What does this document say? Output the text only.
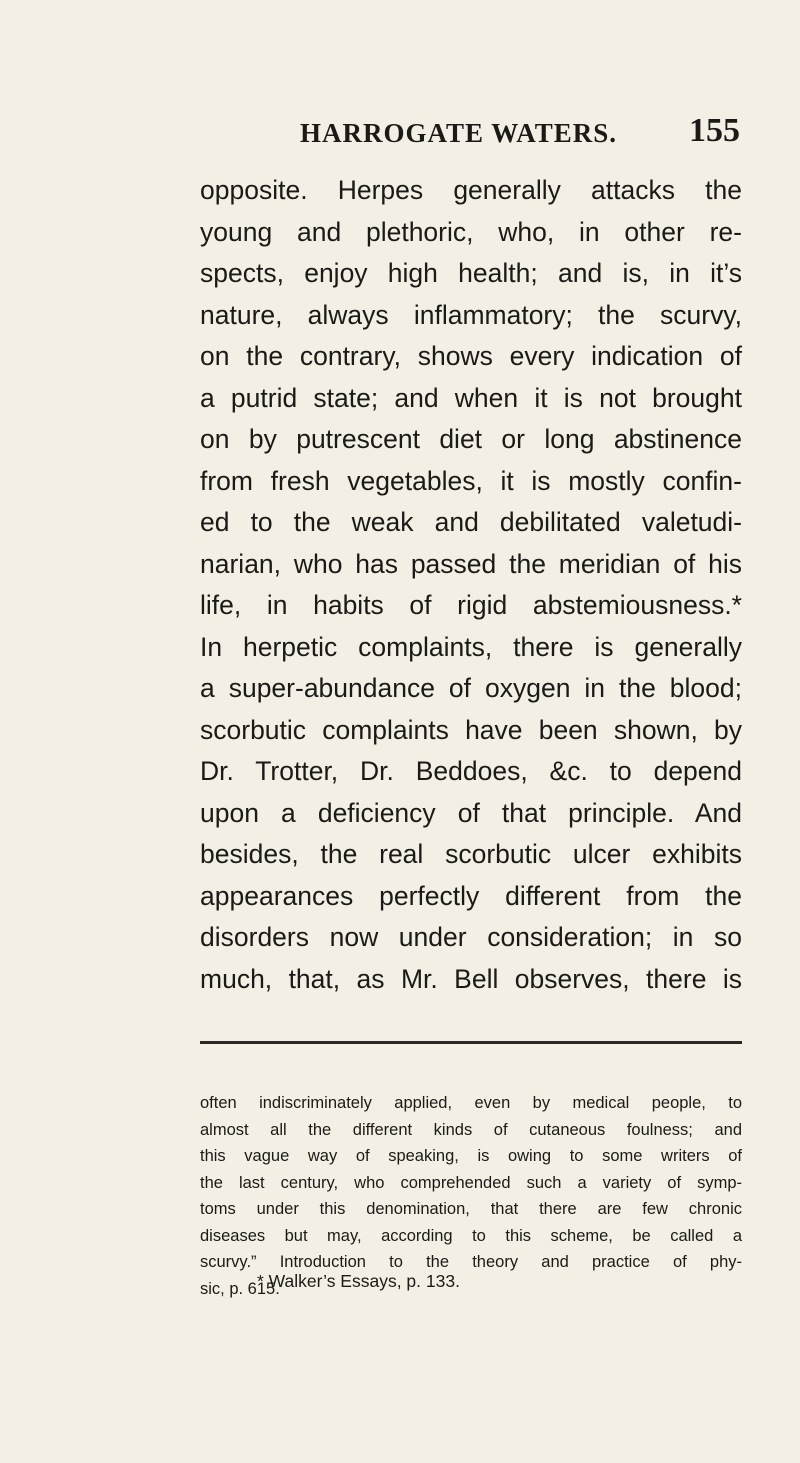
HARROGATE WATERS. 155
opposite. Herpes generally attacks the
young and plethoric, who, in other re-
spects, enjoy high health; and is, in it’s
nature, always inflammatory; the scurvy,
on the contrary, shows every indication of
a putrid state; and when it is not brought
on by putrescent diet or long abstinence
from fresh vegetables, it is mostly confin-
ed to the weak and debilitated valetudi-
narian, who has passed the meridian of his
life, in habits of rigid abstemiousness.*
In herpetic complaints, there is generally
a super-abundance of oxygen in the blood;
scorbutic complaints have been shown, by
Dr. Trotter, Dr. Beddoes, &c. to depend
upon a deficiency of that principle. And
besides, the real scorbutic ulcer exhibits
appearances perfectly different from the
disorders now under consideration; in so
much, that, as Mr. Bell observes, there is
often indiscriminately applied, even by medical people, to
almost all the different kinds of cutaneous foulness; and
this vague way of speaking, is owing to some writers of
the last century, who comprehended such a variety of symp-
toms under this denomination, that there are few chronic
diseases but may, according to this scheme, be called a
scurvy.” Introduction to the theory and practice of phy-
sic, p. 615.
* Walker’s Essays, p. 133.
